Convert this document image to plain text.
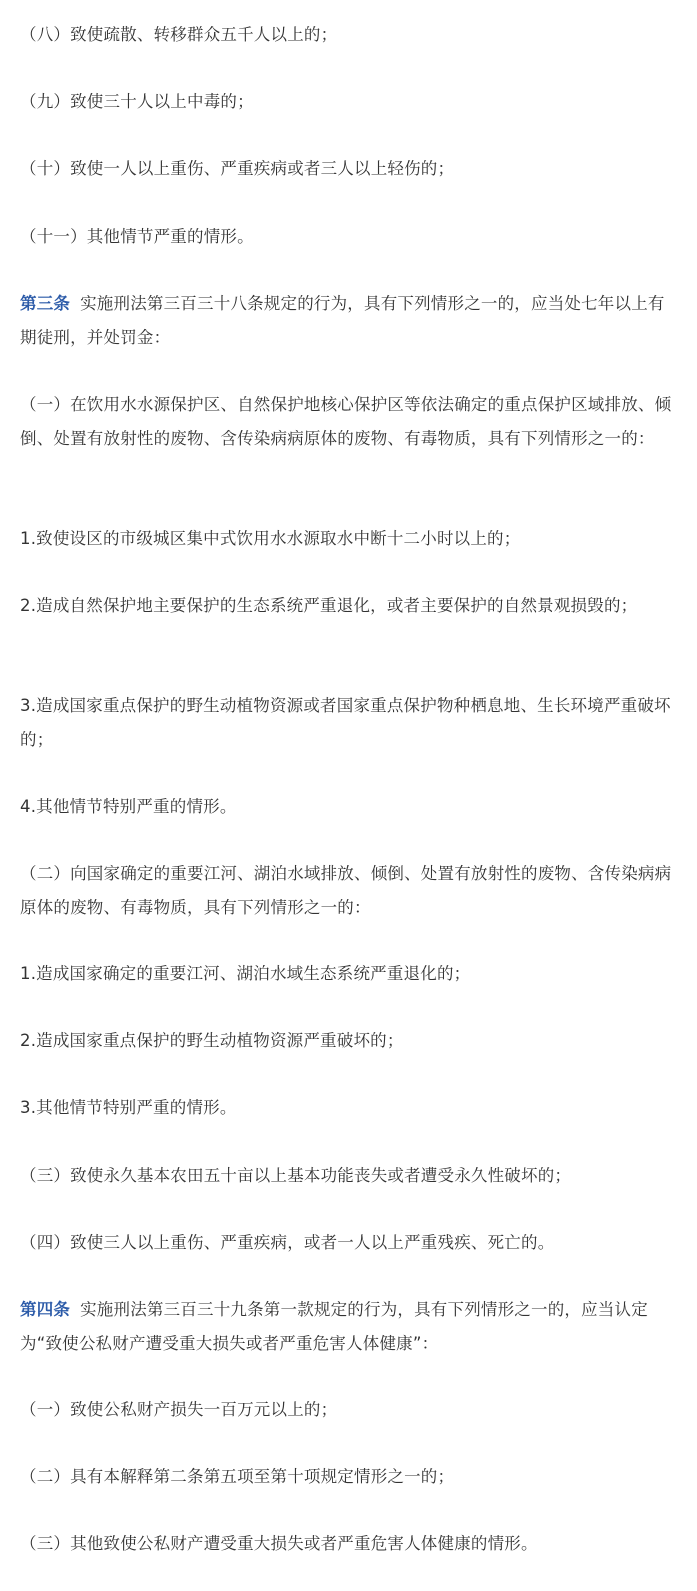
（八）致使疏散、转移群众五千人以上的；

（九）致使三十人以上中毒的；

（十）致使一人以上重伤、严重疾病或者三人以上轻伤的；

（十一）其他情节严重的情形。

第三条 实施刑法第三百三十八条规定的行为，具有下列情形之一的，应当处七年以上有期徒刑，并处罚金：

（一）在饮用水水源保护区、自然保护地核心保护区等依法确定的重点保护区域排放、倾倒、处置有放射性的废物、含传染病病原体的废物、有毒物质，具有下列情形之一的：

1.致使设区的市级城区集中式饮用水水源取水中断十二小时以上的；

2.造成自然保护地主要保护的生态系统严重退化，或者主要保护的自然景观损毁的；

3.造成国家重点保护的野生动植物资源或者国家重点保护物种栖息地、生长环境严重破坏的；

4.其他情节特别严重的情形。

（二）向国家确定的重要江河、湖泊水域排放、倾倒、处置有放射性的废物、含传染病病原体的废物、有毒物质，具有下列情形之一的：

1.造成国家确定的重要江河、湖泊水域生态系统严重退化的；

2.造成国家重点保护的野生动植物资源严重破坏的；

3.其他情节特别严重的情形。

（三）致使永久基本农田五十亩以上基本功能丧失或者遭受永久性破坏的；

（四）致使三人以上重伤、严重疾病，或者一人以上严重残疾、死亡的。

第四条 实施刑法第三百三十九条第一款规定的行为，具有下列情形之一的，应当认定为“致使公私财产遭受重大损失或者严重危害人体健康”：

（一）致使公私财产损失一百万元以上的；

（二）具有本解释第二条第五项至第十项规定情形之一的；

（三）其他致使公私财产遭受重大损失或者严重危害人体健康的情形。
